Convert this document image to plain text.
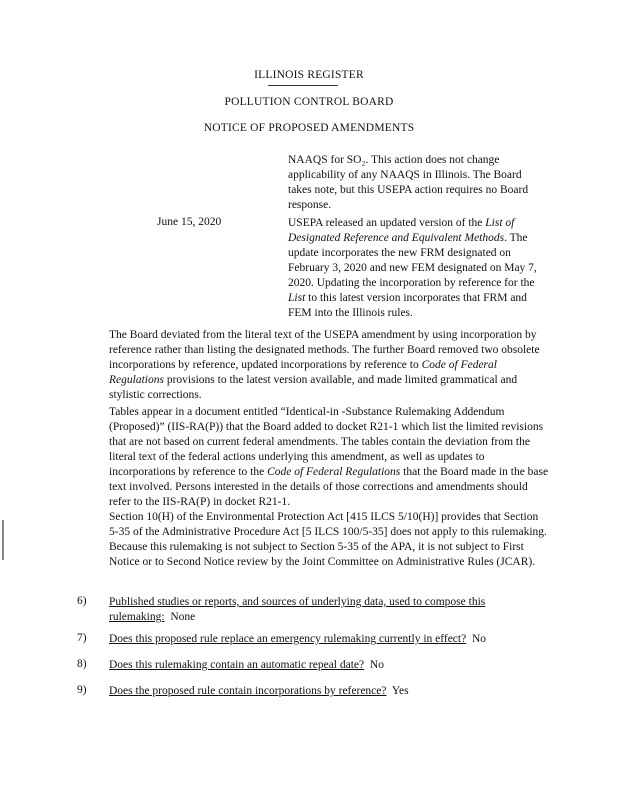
ILLINOIS REGISTER
POLLUTION CONTROL BOARD
NOTICE OF PROPOSED AMENDMENTS
NAAQS for SO₂. This action does not change applicability of any NAAQS in Illinois. The Board takes note, but this USEPA action requires no Board response.
June 15, 2020	USEPA released an updated version of the List of Designated Reference and Equivalent Methods. The update incorporates the new FRM designated on February 3, 2020 and new FEM designated on May 7, 2020. Updating the incorporation by reference for the List to this latest version incorporates that FRM and FEM into the Illinois rules.
The Board deviated from the literal text of the USEPA amendment by using incorporation by reference rather than listing the designated methods. The further Board removed two obsolete incorporations by reference, updated incorporations by reference to Code of Federal Regulations provisions to the latest version available, and made limited grammatical and stylistic corrections.
Tables appear in a document entitled “Identical-in -Substance Rulemaking Addendum (Proposed)” (IIS-RA(P)) that the Board added to docket R21-1 which list the limited revisions that are not based on current federal amendments. The tables contain the deviation from the literal text of the federal actions underlying this amendment, as well as updates to incorporations by reference to the Code of Federal Regulations that the Board made in the base text involved. Persons interested in the details of those corrections and amendments should refer to the IIS-RA(P) in docket R21-1.
Section 10(H) of the Environmental Protection Act [415 ILCS 5/10(H)] provides that Section 5-35 of the Administrative Procedure Act [5 ILCS 100/5-35] does not apply to this rulemaking. Because this rulemaking is not subject to Section 5-35 of the APA, it is not subject to First Notice or to Second Notice review by the Joint Committee on Administrative Rules (JCAR).
6) Published studies or reports, and sources of underlying data, used to compose this rulemaking: None
7) Does this proposed rule replace an emergency rulemaking currently in effect? No
8) Does this rulemaking contain an automatic repeal date? No
9) Does the proposed rule contain incorporations by reference? Yes
